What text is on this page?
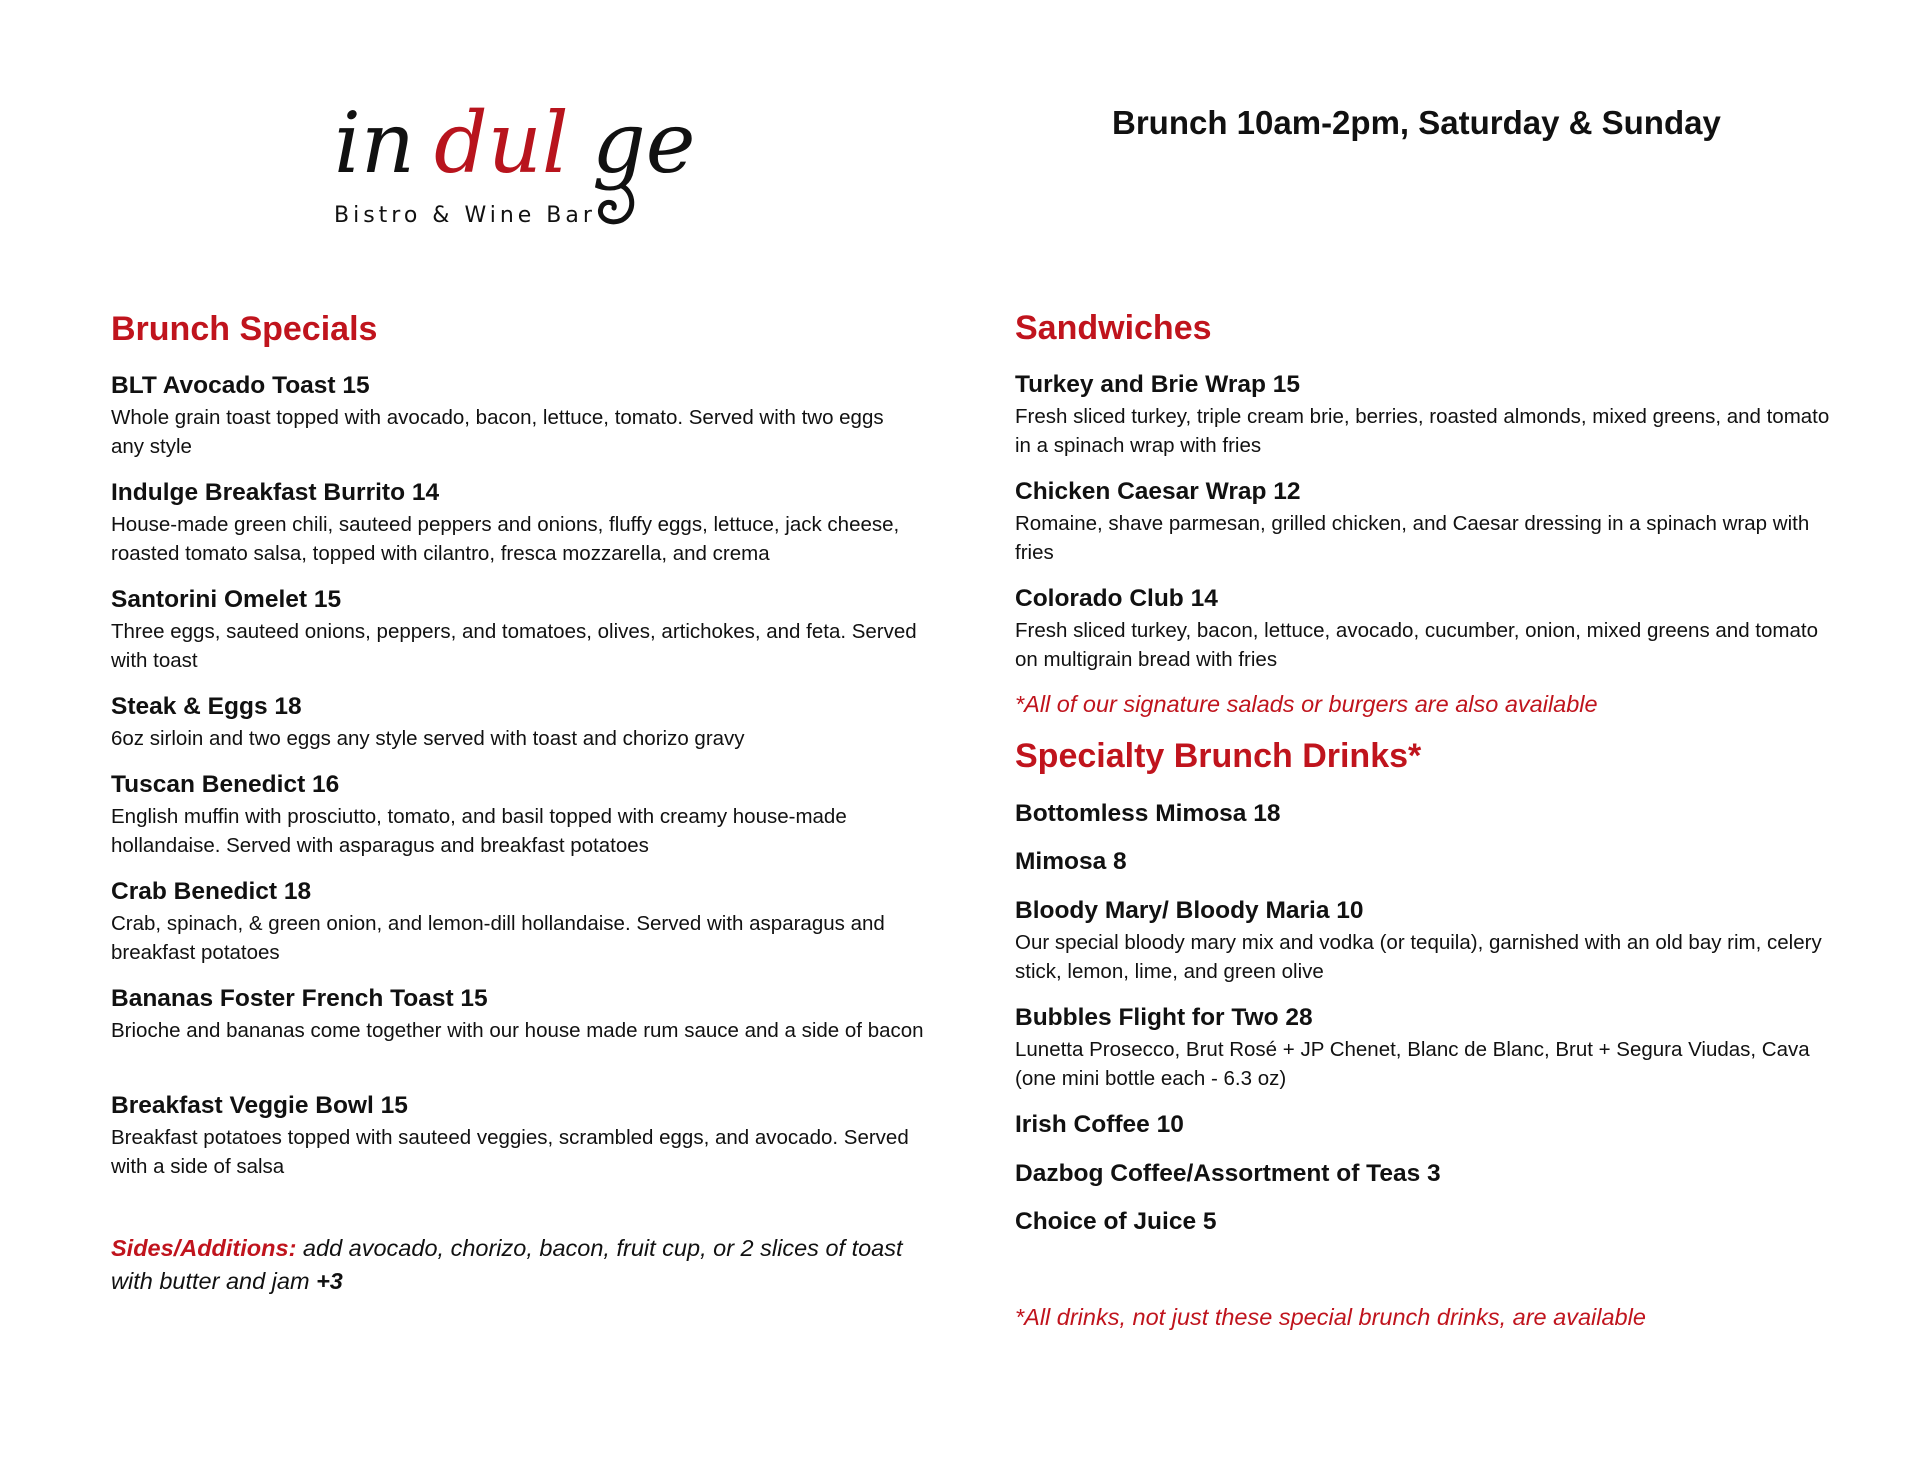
in dul ge
Bistro & Wine Bar
Brunch 10am-2pm, Saturday & Sunday
Brunch Specials
BLT Avocado Toast 15
Whole grain toast topped with avocado, bacon, lettuce, tomato. Served with two eggs any style
Indulge Breakfast Burrito 14
House-made green chili, sauteed peppers and onions, fluffy eggs, lettuce, jack cheese, roasted tomato salsa, topped with cilantro, fresca mozzarella, and crema
Santorini Omelet 15
Three eggs, sauteed onions, peppers, and tomatoes, olives, artichokes, and feta. Served with toast
Steak & Eggs 18
6oz sirloin and two eggs any style served with toast and chorizo gravy
Tuscan Benedict 16
English muffin with prosciutto, tomato, and basil topped with creamy house-made hollandaise. Served with asparagus and breakfast potatoes
Crab Benedict 18
Crab, spinach, & green onion, and lemon-dill hollandaise. Served with asparagus and breakfast potatoes
Bananas Foster French Toast 15
Brioche and bananas come together with our house made rum sauce and a side of bacon
Breakfast Veggie Bowl 15
Breakfast potatoes topped with sauteed veggies, scrambled eggs, and avocado. Served with a side of salsa
Sides/Additions: add avocado, chorizo, bacon, fruit cup, or 2 slices of toast with butter and jam +3
Sandwiches
Turkey and Brie Wrap 15
Fresh sliced turkey, triple cream brie, berries, roasted almonds, mixed greens, and tomato in a spinach wrap with fries
Chicken Caesar Wrap 12
Romaine, shave parmesan, grilled chicken, and Caesar dressing in a spinach wrap with fries
Colorado Club 14
Fresh sliced turkey, bacon, lettuce, avocado, cucumber, onion, mixed greens and tomato on multigrain bread with fries
*All of our signature salads or burgers are also available
Specialty Brunch Drinks*
Bottomless Mimosa 18
Mimosa 8
Bloody Mary/ Bloody Maria 10
Our special bloody mary mix and vodka (or tequila), garnished with an old bay rim, celery stick, lemon, lime, and green olive
Bubbles Flight for Two 28
Lunetta Prosecco, Brut Rosé + JP Chenet, Blanc de Blanc, Brut + Segura Viudas, Cava (one mini bottle each - 6.3 oz)
Irish Coffee 10
Dazbog Coffee/Assortment of Teas 3
Choice of Juice 5
*All drinks, not just these special brunch drinks, are available
